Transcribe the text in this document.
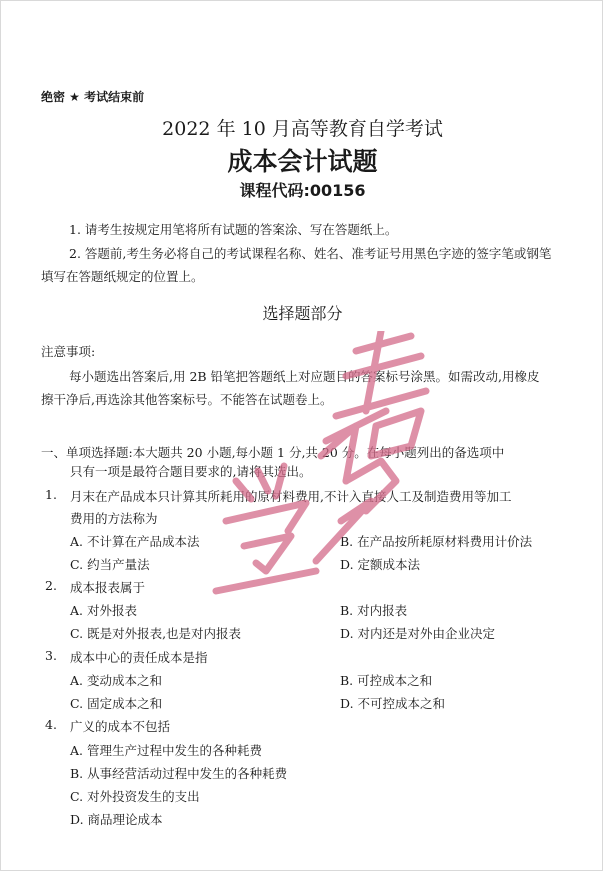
绝密 ★ 考试结束前
2022 年 10 月高等教育自学考试
成本会计试题
课程代码:00156
1. 请考生按规定用笔将所有试题的答案涂、写在答题纸上。
2. 答题前,考生务必将自己的考试课程名称、姓名、准考证号用黑色字迹的签字笔或钢笔
填写在答题纸规定的位置上。
选择题部分
注意事项:
每小题选出答案后,用 2B 铅笔把答题纸上对应题目的答案标号涂黑。如需改动,用橡皮
擦干净后,再选涂其他答案标号。不能答在试题卷上。
一、单项选择题:本大题共 20 小题,每小题 1 分,共 20 分。在每小题列出的备选项中
只有一项是最符合题目要求的,请将其选出。
1. 月末在产品成本只计算其所耗用的原材料费用,不计入直接人工及制造费用等加工
费用的方法称为
A. 不计算在产品成本法	B. 在产品按所耗原材料费用计价法
C. 约当产量法	D. 定额成本法
2. 成本报表属于
A. 对外报表	B. 对内报表
C. 既是对外报表,也是对内报表	D. 对内还是对外由企业决定
3. 成本中心的责任成本是指
A. 变动成本之和	B. 可控成本之和
C. 固定成本之和	D. 不可控成本之和
4. 广义的成本不包括
A. 管理生产过程中发生的各种耗费
B. 从事经营活动过程中发生的各种耗费
C. 对外投资发生的支出
D. 商品理论成本
